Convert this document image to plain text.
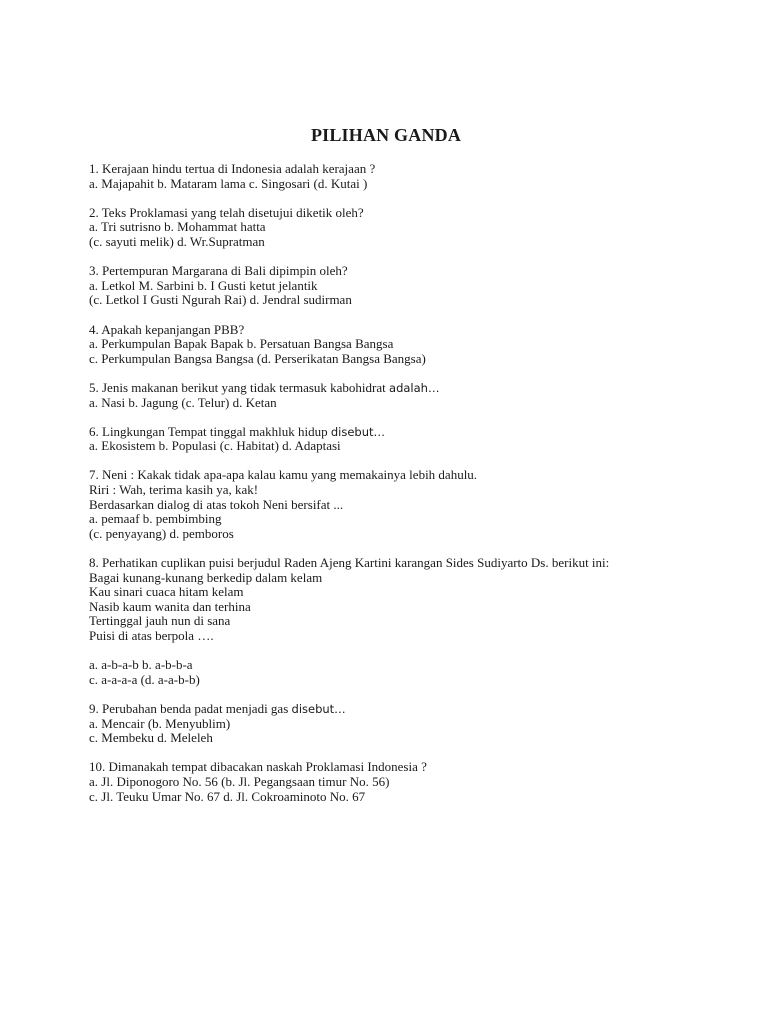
PILIHAN GANDA
1. Kerajaan hindu tertua di Indonesia adalah kerajaan ?
a. Majapahit b. Mataram lama c. Singosari (d. Kutai )
2. Teks Proklamasi yang telah disetujui diketik oleh?
a. Tri sutrisno b. Mohammat hatta
(c. sayuti melik) d. Wr.Supratman
3. Pertempuran Margarana di Bali dipimpin oleh?
a. Letkol M. Sarbini b. I Gusti ketut jelantik
(c. Letkol I Gusti Ngurah Rai) d. Jendral sudirman
4. Apakah kepanjangan PBB?
a. Perkumpulan Bapak Bapak b. Persatuan Bangsa Bangsa
c. Perkumpulan Bangsa Bangsa (d. Perserikatan Bangsa Bangsa)
5. Jenis makanan berikut yang tidak termasuk kabohidrat adalah…
a. Nasi b. Jagung (c. Telur) d. Ketan
6. Lingkungan Tempat tinggal makhluk hidup disebut…
a. Ekosistem b. Populasi (c. Habitat) d. Adaptasi
7. Neni : Kakak tidak apa-apa kalau kamu yang memakainya lebih dahulu.
Riri : Wah, terima kasih ya, kak!
Berdasarkan dialog di atas tokoh Neni bersifat ...
a. pemaaf b. pembimbing
(c. penyayang) d. pemboros
8. Perhatikan cuplikan puisi berjudul Raden Ajeng Kartini karangan Sides Sudiyarto Ds. berikut ini:
Bagai kunang-kunang berkedip dalam kelam
Kau sinari cuaca hitam kelam
Nasib kaum wanita dan terhina
Tertinggal jauh nun di sana
Puisi di atas berpola ….
a. a-b-a-b b. a-b-b-a
c. a-a-a-a (d. a-a-b-b)
9. Perubahan benda padat menjadi gas disebut…
a. Mencair (b. Menyublim)
c. Membeku d. Meleleh
10. Dimanakah tempat dibacakan naskah Proklamasi Indonesia ?
a. Jl. Diponogoro No. 56 (b. Jl. Pegangsaan timur No. 56)
c. Jl. Teuku Umar No. 67 d. Jl. Cokroaminoto No. 67
